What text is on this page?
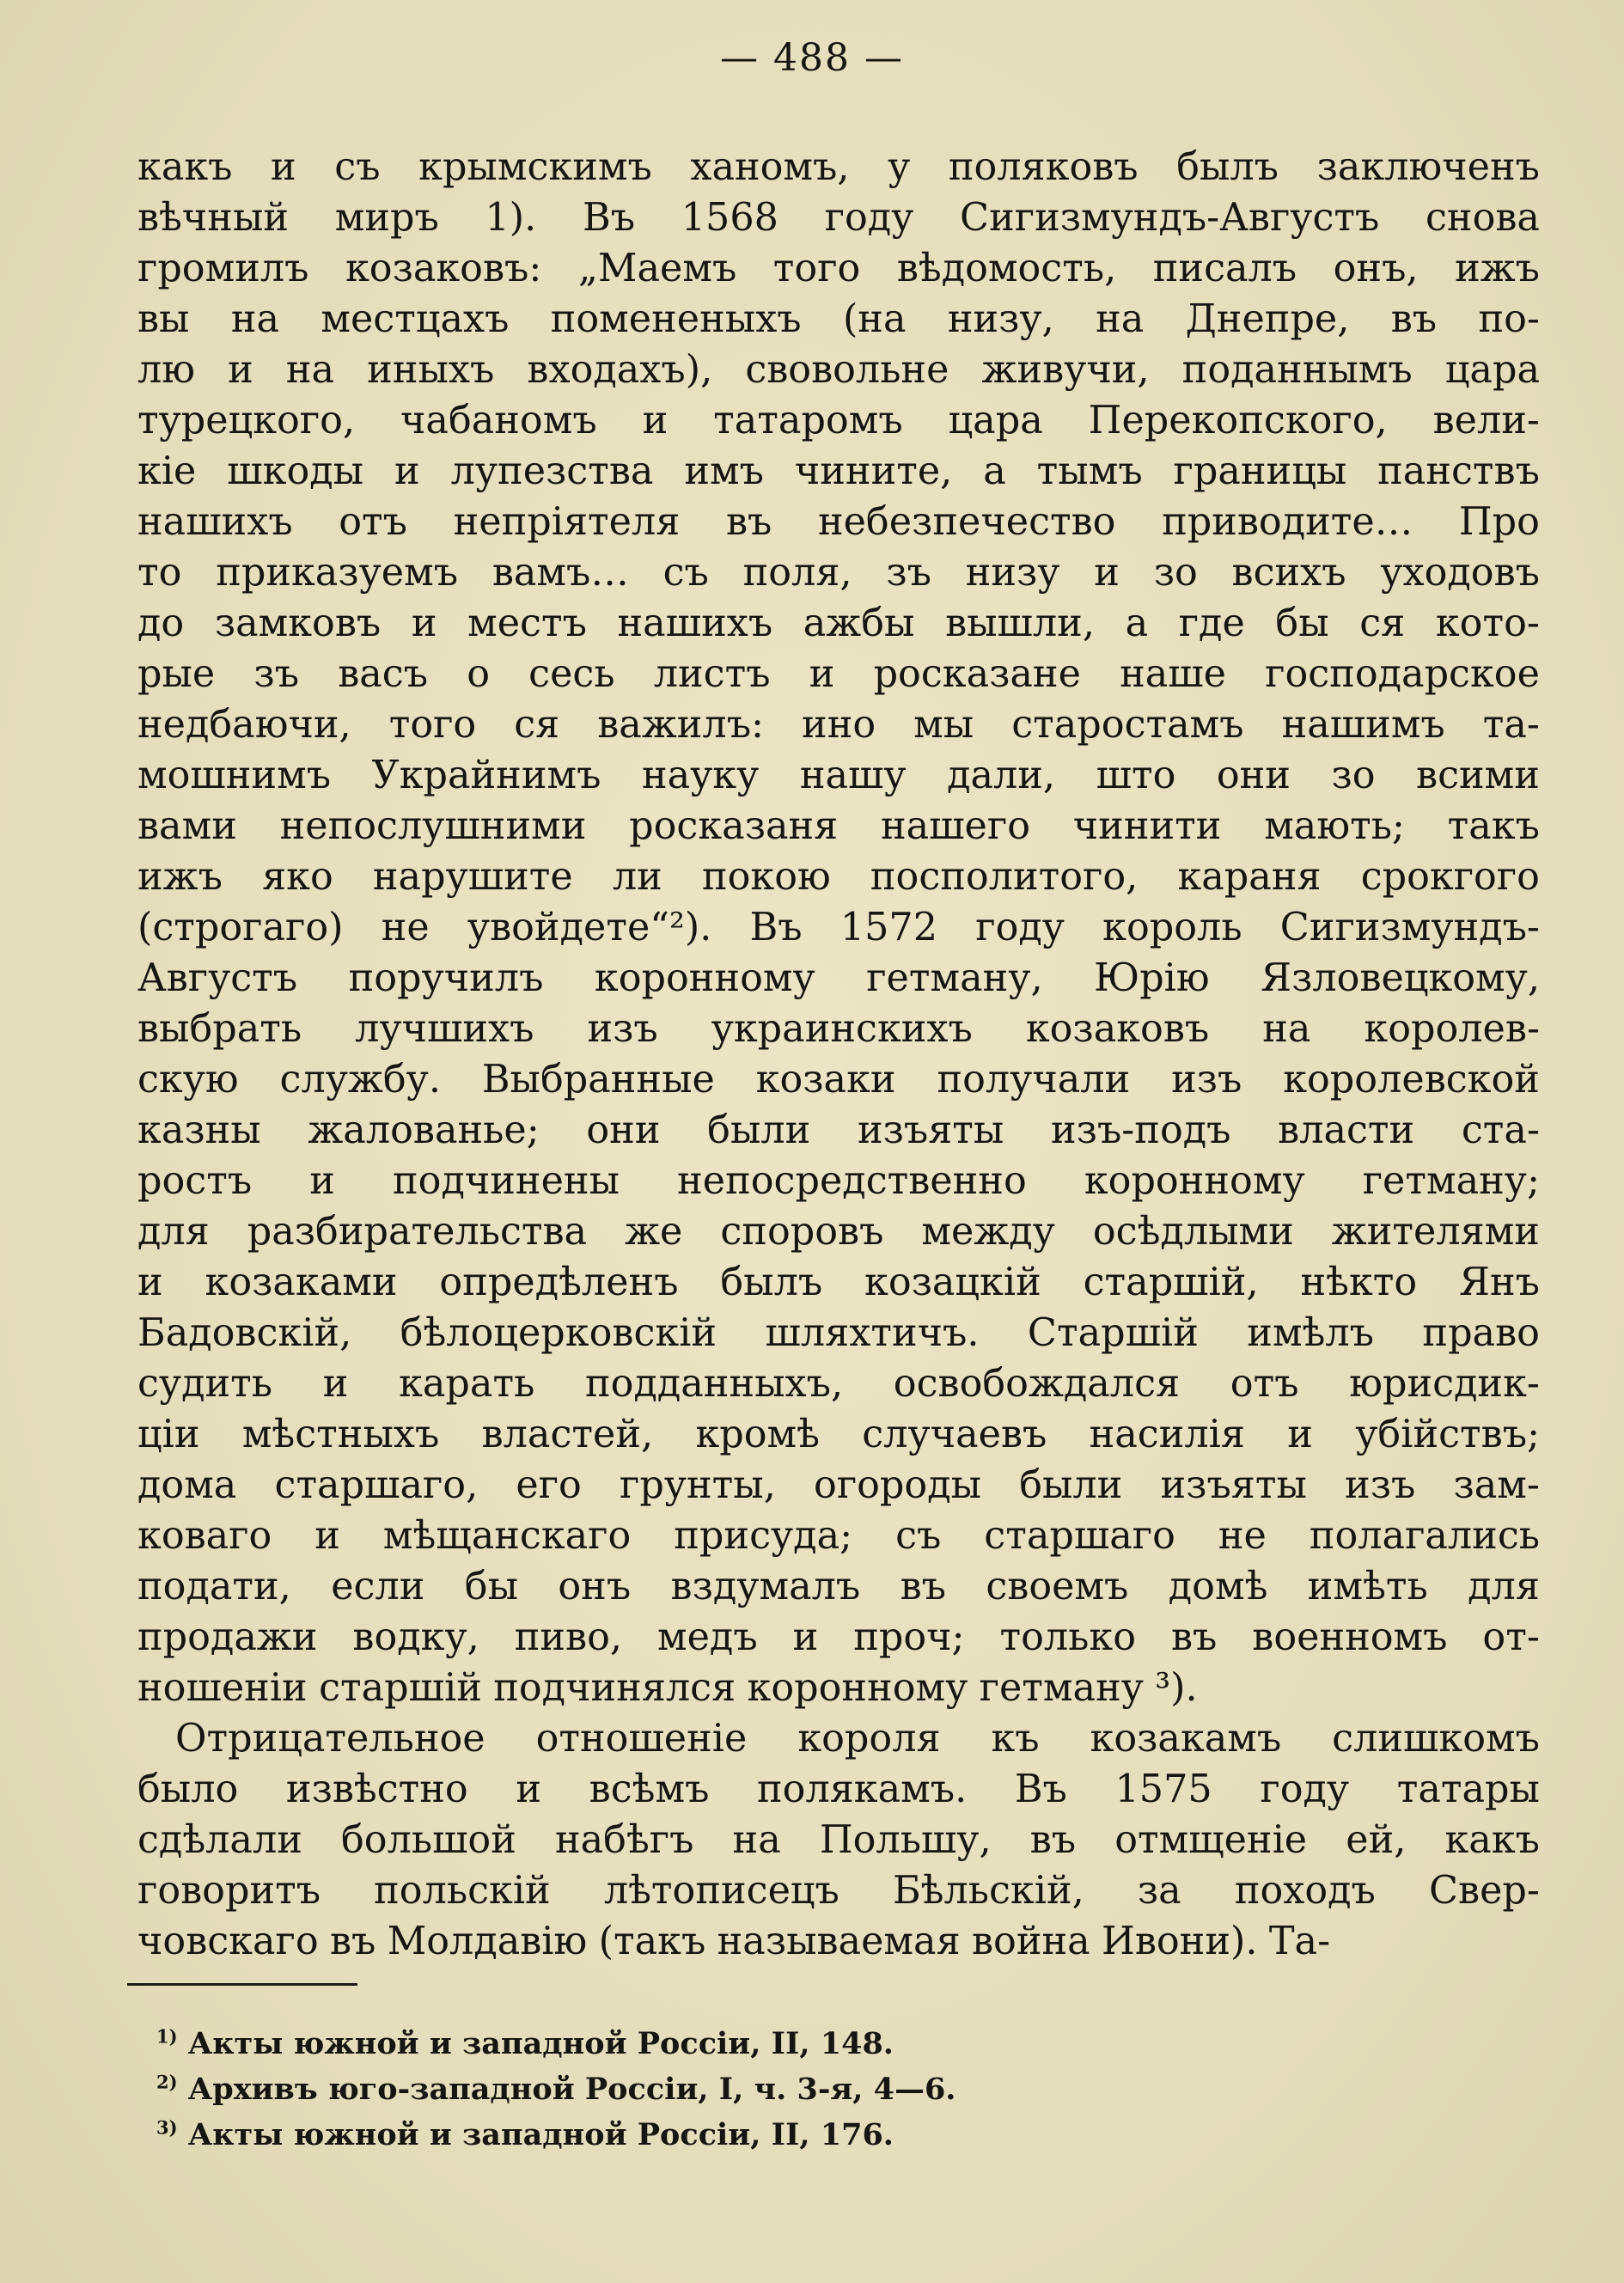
— 488 —
какъ и съ крымскимъ ханомъ, у поляковъ былъ заключенъ
вѣчный миръ 1). Въ 1568 году Сигизмундъ-Августъ снова
громилъ козаковъ: „Маемъ того вѣдомость, писалъ онъ, ижъ
вы на местцахъ помененыхъ (на низу, на Днепре, въ по-
лю и на иныхъ входахъ), свовольне живучи, поданнымъ цара
турецкого, чабаномъ и татаромъ цара Перекопского, вели-
кіе шкоды и лупезства имъ чините, а тымъ границы панствъ
нашихъ отъ непріятеля въ небезпечество приводите… Про
то приказуемъ вамъ… съ поля, зъ низу и зо всихъ уходовъ
до замковъ и местъ нашихъ ажбы вышли, а где бы ся кото-
рые зъ васъ о сесь листъ и росказане наше господарское
недбаючи, того ся важилъ: ино мы старостамъ нашимъ та-
мошнимъ Украйнимъ науку нашу дали, што они зо всими
вами непослушними росказаня нашего чинити мають; такъ
ижъ яко нарушите ли покою посполитого, караня срокгого
(строгаго) не увойдете“²). Въ 1572 году король Сигизмундъ-
Августъ поручилъ коронному гетману, Юрію Язловецкому,
выбрать лучшихъ изъ украинскихъ козаковъ на королев-
скую службу. Выбранные козаки получали изъ королевской
казны жалованье; они были изъяты изъ-подъ власти ста-
ростъ и подчинены непосредственно коронному гетману;
для разбирательства же споровъ между осѣдлыми жителями
и козаками опредѣленъ былъ козацкій старшій, нѣкто Янъ
Бадовскій, бѣлоцерковскій шляхтичъ. Старшій имѣлъ право
судить и карать подданныхъ, освобождался отъ юрисдик-
ціи мѣстныхъ властей, кромѣ случаевъ насилія и убійствъ;
дома старшаго, его грунты, огороды были изъяты изъ зам-
коваго и мѣщанскаго присуда; съ старшаго не полагались
подати, если бы онъ вздумалъ въ своемъ домѣ имѣть для
продажи водку, пиво, медъ и проч; только въ военномъ от-
ношеніи старшій подчинялся коронному гетману ³).
Отрицательное отношеніе короля къ козакамъ слишкомъ
было извѣстно и всѣмъ полякамъ. Въ 1575 году татары
сдѣлали большой набѣгъ на Польшу, въ отмщеніе ей, какъ
говоритъ польскій лѣтописецъ Бѣльскій, за походъ Свер-
човскаго въ Молдавію (такъ называемая война Ивони). Та-
$^{1)}$ Акты южной и западной Россіи, II, 148.
$^{2)}$ Архивъ юго-западной Россіи, I, ч. 3-я, 4—6.
$^{3)}$ Акты южной и западной Россіи, II, 176.
